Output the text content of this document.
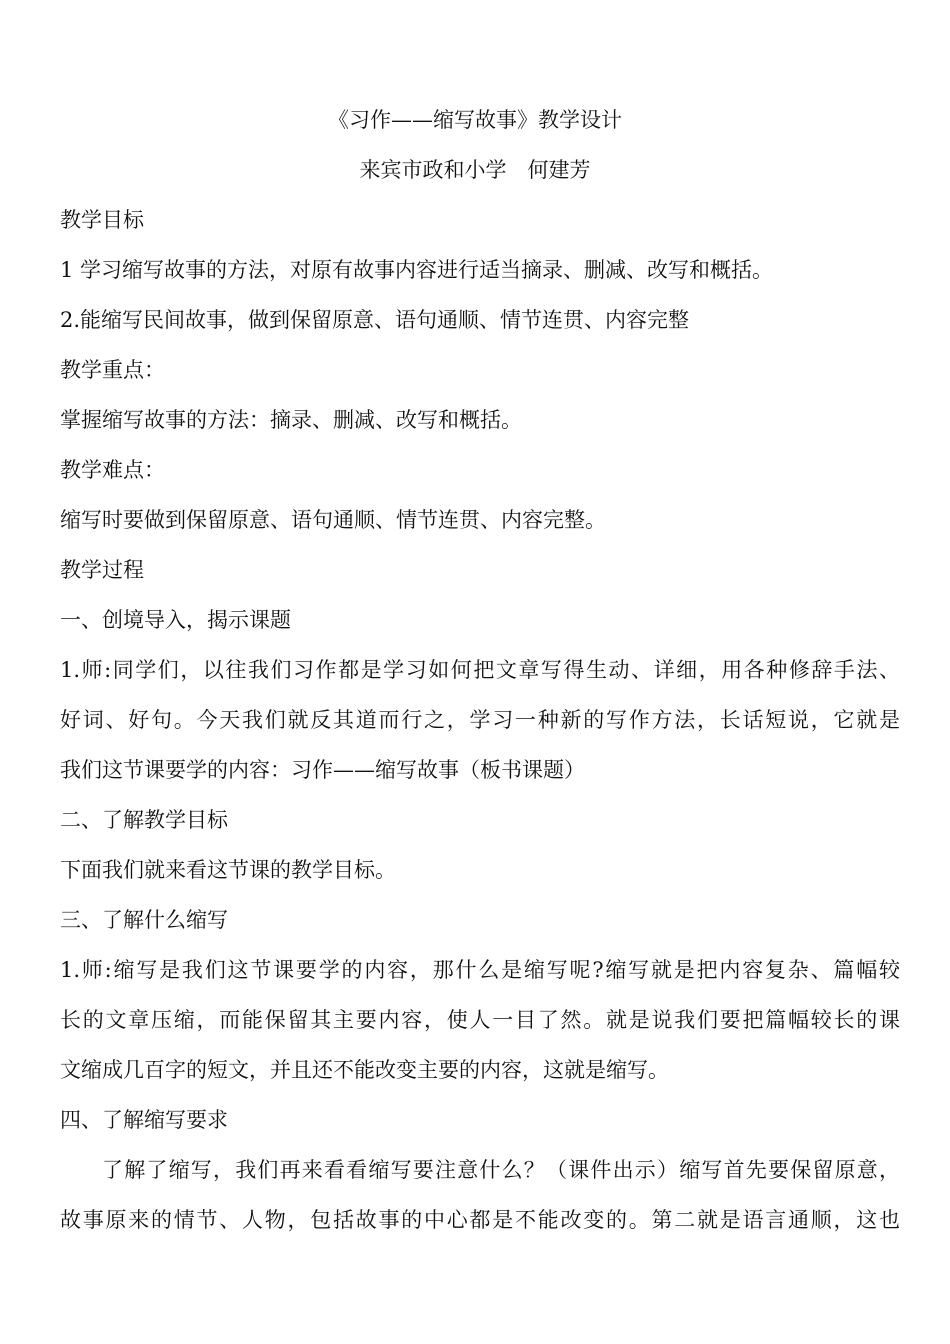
《习作——缩写故事》教学设计
来宾市政和小学　何建芳
教学目标
1 学习缩写故事的方法，对原有故事内容进行适当摘录、删减、改写和概括。
2.能缩写民间故事，做到保留原意、语句通顺、情节连贯、内容完整
教学重点：
掌握缩写故事的方法：摘录、删减、改写和概括。
教学难点：
缩写时要做到保留原意、语句通顺、情节连贯、内容完整。
教学过程
一、创境导入，揭示课题
1.师:同学们，以往我们习作都是学习如何把文章写得生动、详细，用各种修辞手法、
好词、好句。今天我们就反其道而行之，学习一种新的写作方法，长话短说，它就是
我们这节课要学的内容：习作——缩写故事（板书课题）
二、了解教学目标
下面我们就来看这节课的教学目标。
三、了解什么缩写
1.师:缩写是我们这节课要学的内容，那什么是缩写呢?缩写就是把内容复杂、篇幅较
长的文章压缩，而能保留其主要内容，使人一目了然。就是说我们要把篇幅较长的课
文缩成几百字的短文，并且还不能改变主要的内容，这就是缩写。
四、了解缩写要求
了解了缩写，我们再来看看缩写要注意什么？（课件出示）缩写首先要保留原意，
故事原来的情节、人物，包括故事的中心都是不能改变的。第二就是语言通顺，这也
